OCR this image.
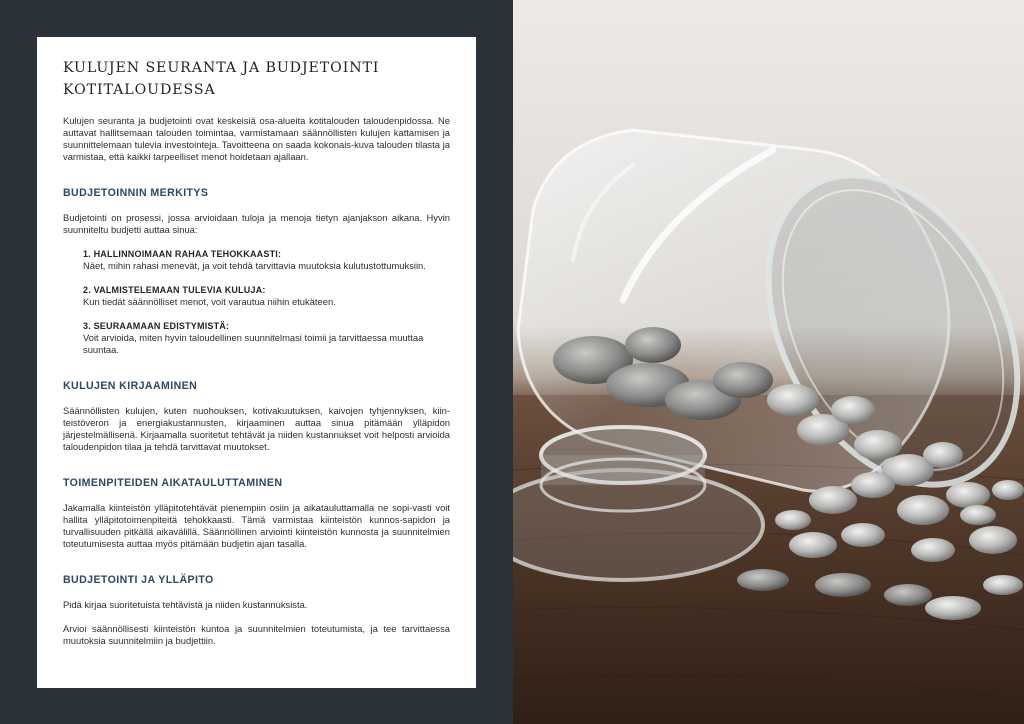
KULUJEN SEURANTA JA BUDJETOINTI
KOTITALOUDESSA

Kulujen seuranta ja budjetointi ovat keskeisiä osa-alueita kotitalouden taloudenpidossa. Ne auttavat hallitsemaan talouden toimintaa, varmistamaan säännöllisten kulujen kattamisen ja suunnittelemaan tulevia investointeja. Tavoitteena on saada kokonais-kuva talouden tilasta ja varmistaa, että kaikki tarpeelliset menot hoidetaan ajallaan.

BUDJETOINNIN MERKITYS

Budjetointi on prosessi, jossa arvioidaan tuloja ja menoja tietyn ajanjakson aikana. Hyvin suunniteltu budjetti auttaa sinua:

1. HALLINNOIMAAN RAHAA TEHOKKAASTI:
Näet, mihin rahasi menevät, ja voit tehdä tarvittavia muutoksia kulutustottumuksiin.
2. VALMISTELEMAAN TULEVIA KULUJA:
Kun tiedät säännölliset menot, voit varautua niihin etukäteen.
3. SEURAAMAAN EDISTYMISTÄ:
Voit arvioida, miten hyvin taloudellinen suunnitelmasi toimii ja tarvittaessa muuttaa suuntaa.
KULUJEN KIRJAAMINEN

Säännöllisten kulujen, kuten nuohouksen, kotivakuutuksen, kaivojen tyhjennyksen, kiin-teistöveron ja energiakustannusten, kirjaaminen auttaa sinua pitämään ylläpidon järjestelmällisenä. Kirjaamalla suoritetut tehtävät ja niiden kustannukset voit helposti arvioida taloudenpidon tilaa ja tehdä tarvittavat muutokset.

TOIMENPITEIDEN AIKATAULUTTAMINEN

Jakamalla kiinteistön ylläpitotehtävät pienempiin osiin ja aikatauluttamalla ne sopi-vasti voit hallita ylläpitotoimenpiteitä tehokkaasti. Tämä varmistaa kiinteistön kunnos-sapidon ja turvallisuuden pitkällä aikavälillä. Säännöllinen arviointi kiinteistön kunnosta ja suunnitelmien toteutumisesta auttaa myös pitämään budjetin ajan tasalla.

BUDJETOINTI JA YLLÄPITO

Pidä kirjaa suoritetuista tehtävistä ja niiden kustannuksista.

Arvioi säännöllisesti kiinteistön kuntoa ja suunnitelmien toteutumista, ja tee tarvittaessa muutoksia suunnitelmiin ja budjettiin.
